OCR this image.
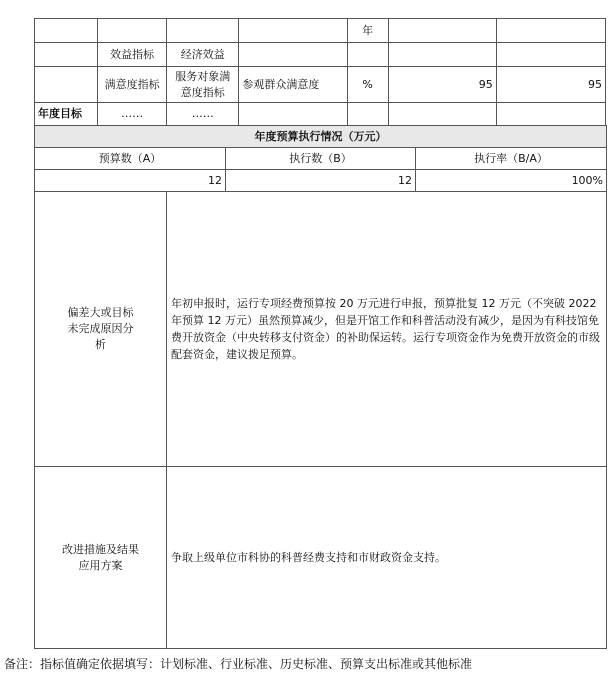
				年		
	效益指标	经济效益				
	满意度指标	服务对象满意度指标	参观群众满意度	%	95	95
年度目标	……	……				
年度预算执行情况（万元）		
预算数（A）	执行数（B）	执行率（B/A）
12	12	100%
偏差大或目标未完成原因分析	年初申报时，运行专项经费预算按 20 万元进行申报，预算批复 12 万元（不突破 2022 年预算 12 万元）虽然预算减少，但是开馆工作和科普活动没有减少，是因为有科技馆免费开放资金（中央转移支付资金）的补助保运转。运行专项资金作为免费开放资金的市级配套资金，建议拨足预算。
改进措施及结果应用方案	争取上级单位市科协的科普经费支持和市财政资金支持。
备注：指标值确定依据填写：计划标准、行业标准、历史标准、预算支出标准或其他标准
